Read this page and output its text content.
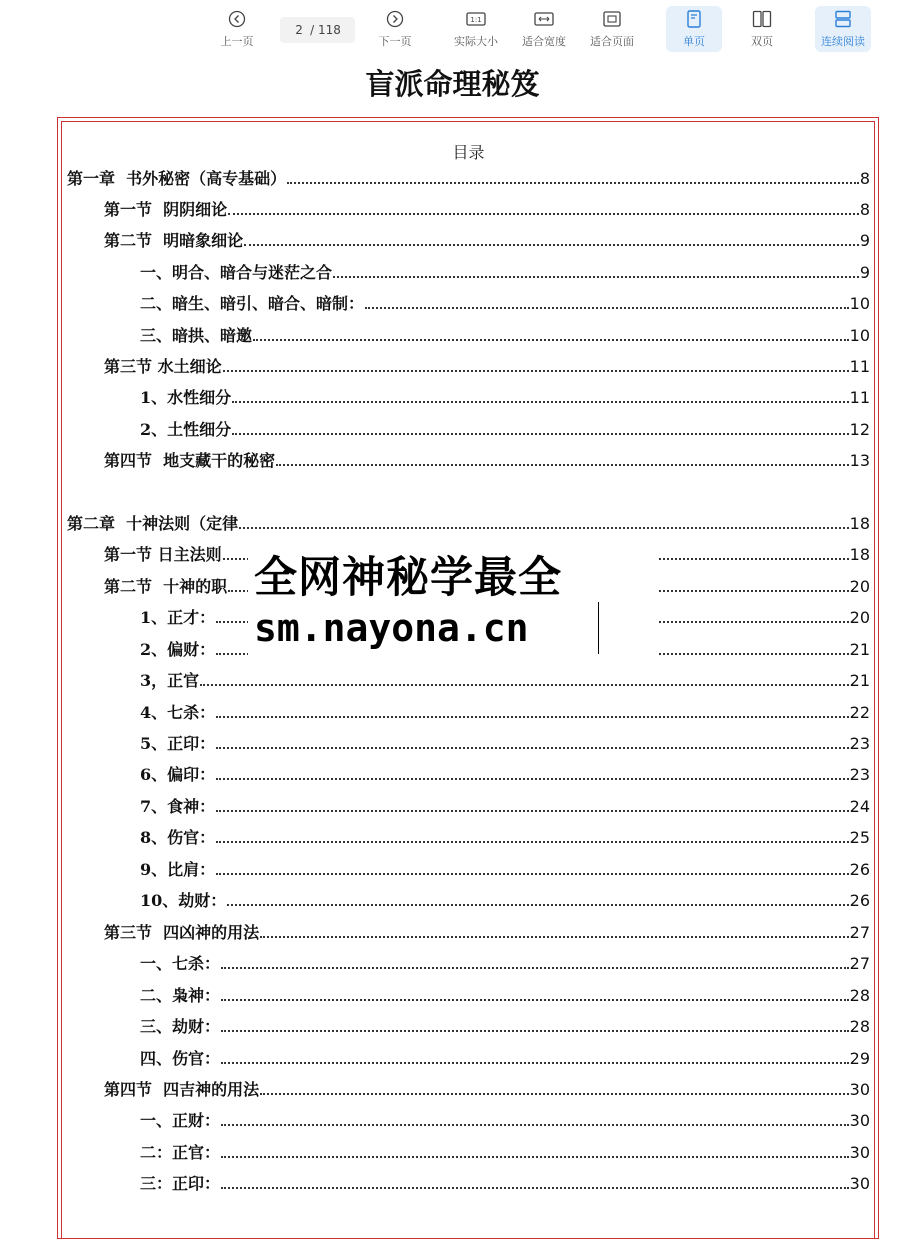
上一页
2
/ 118
下一页
1:1
实际大小 适合宽度 适合页面	单页	双页	连续阅读
盲派命理秘笈
目录
第一章  书外秘密（高专基础）	8
第一节  阴阴细论	8
第二节  明暗象细论	9
一、明合、暗合与迷茫之合	9
二、暗生、暗引、暗合、暗制：	10
三、暗拱、暗邀	10
第三节 水土细论	11
1、水性细分	11
2、土性细分	12
第四节  地支藏干的秘密	13
第二章  十神法则（定律	18
第一节 日主法则	18
第二节  十神的职	20
1、正才：	20
2、偏财：	21
3，正官	21
4、七杀：	22
5、正印：	23
6、偏印：	23
7、食神：	24
8、伤官：	25
9、比肩：	26
10、劫财：	26
第三节  四凶神的用法	27
一、七杀：	27
二、枭神：	28
三、劫财：	28
四、伤官：	29
第四节  四吉神的用法	30
一、正财：	30
二：正官：	30
三：正印：	30
全网神秘学最全
sm.nayona.cn
